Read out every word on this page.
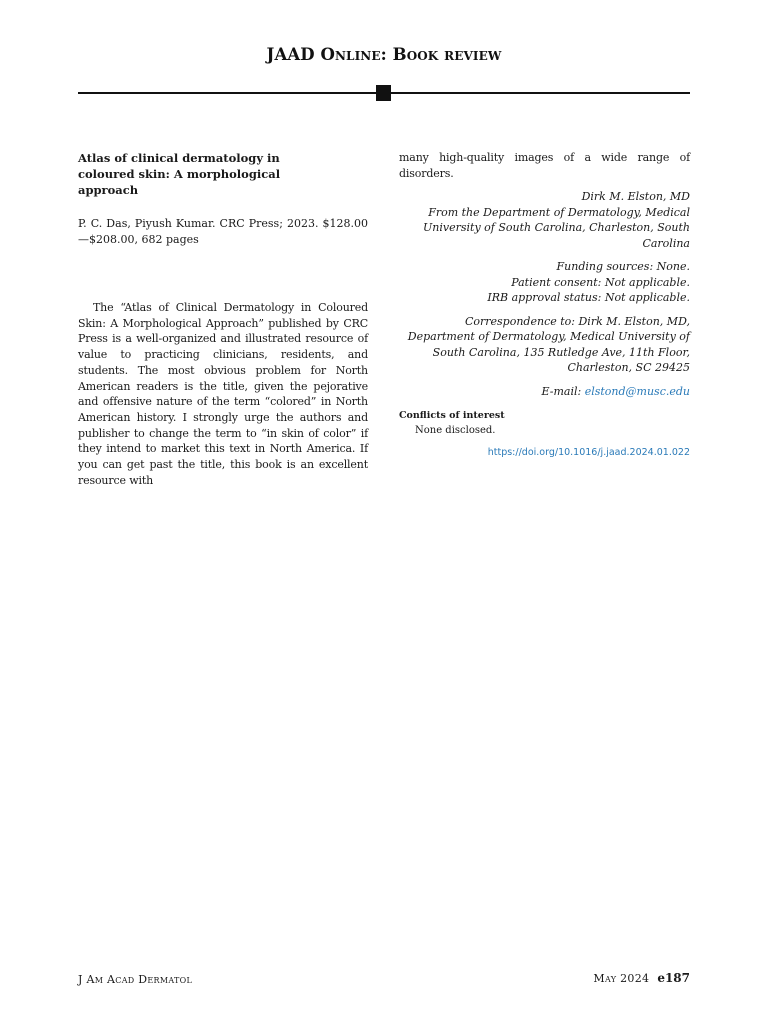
JAAD Online: Book review
Atlas of clinical dermatology in coloured skin: A morphological approach
P. C. Das, Piyush Kumar. CRC Press; 2023. $128.00—$208.00, 682 pages

The “Atlas of Clinical Dermatology in Coloured Skin: A Morphological Approach” published by CRC Press is a well-organized and illustrated resource of value to practicing clinicians, residents, and students. The most obvious problem for North American readers is the title, given the pejorative and offensive nature of the term “colored” in North American history. I strongly urge the authors and publisher to change the term to “in skin of color” if they intend to market this text in North America. If you can get past the title, this book is an excellent resource with

many high-quality images of a wide range of disorders.
Dirk M. Elston, MD
From the Department of Dermatology, Medical University of South Carolina, Charleston, South Carolina
Funding sources: None.
Patient consent: Not applicable.
IRB approval status: Not applicable.
Correspondence to: Dirk M. Elston, MD, Department of Dermatology, Medical University of South Carolina, 135 Rutledge Ave, 11th Floor, Charleston, SC 29425
E-mail: elstond@musc.edu
Conflicts of interest
None disclosed.
https://doi.org/10.1016/j.jaad.2024.01.022
J Am Acad Dermatol	May 2024 e187
